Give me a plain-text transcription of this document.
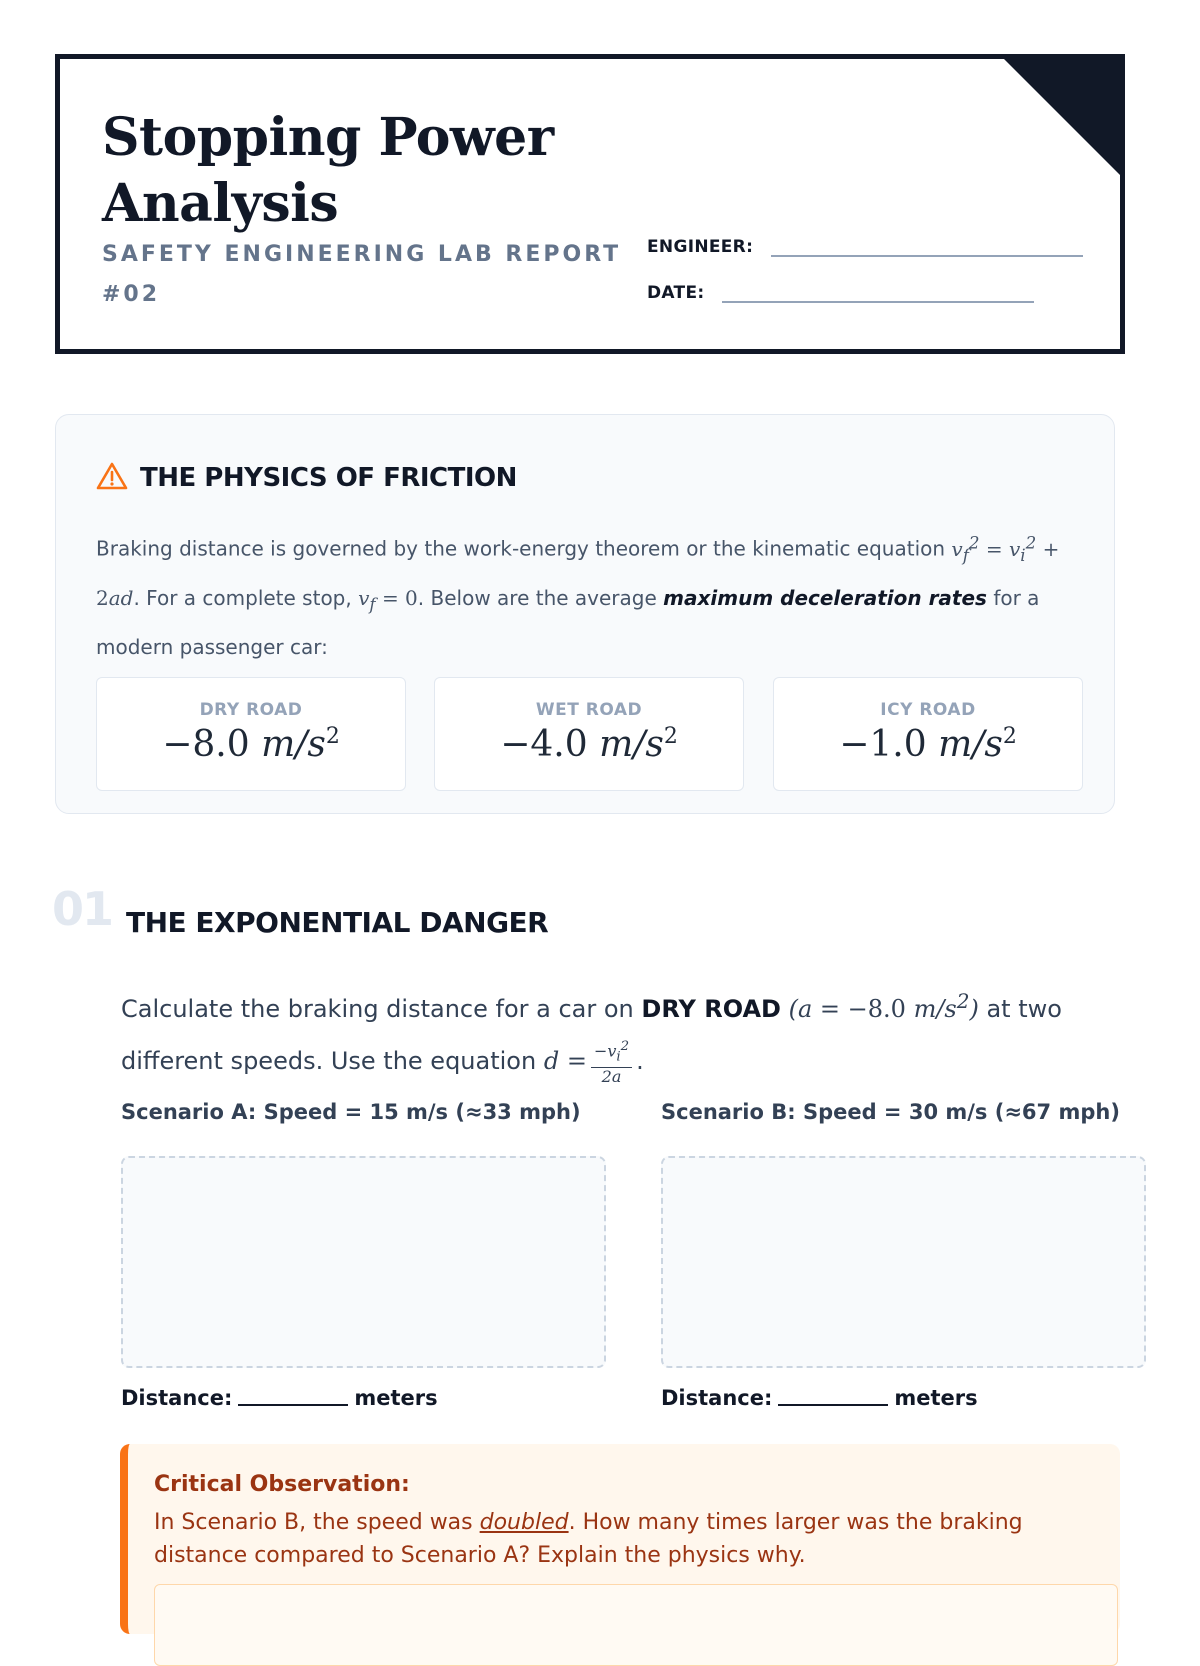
Stopping Power Analysis
SAFETY ENGINEERING LAB REPORT #02
ENGINEER:
DATE:
THE PHYSICS OF FRICTION

Braking distance is governed by the work-energy theorem or the kinematic equation $v_f^2 = v_i^2 + 2ad$. For a complete stop, $v_f = 0$. Below are the average maximum deceleration rates for a modern passenger car:

DRY ROAD
−8.0 $m/s^2$
WET ROAD
−4.0 $m/s^2$
ICY ROAD
−1.0 $m/s^2$
01 THE EXPONENTIAL DANGER

Calculate the braking distance for a car on DRY ROAD (a = −8.0 $m/s^2$) at two different speeds. Use the equation $d = \frac{-v_i^2}{2a}$ .

Scenario A: Speed = 15 m/s (≈33 mph)	Scenario B: Speed = 30 m/s (≈67 mph)
Distance:	meters	Distance:	meters
Critical Observation:

In Scenario B, the speed was doubled. How many times larger was the braking distance compared to Scenario A? Explain the physics why.
